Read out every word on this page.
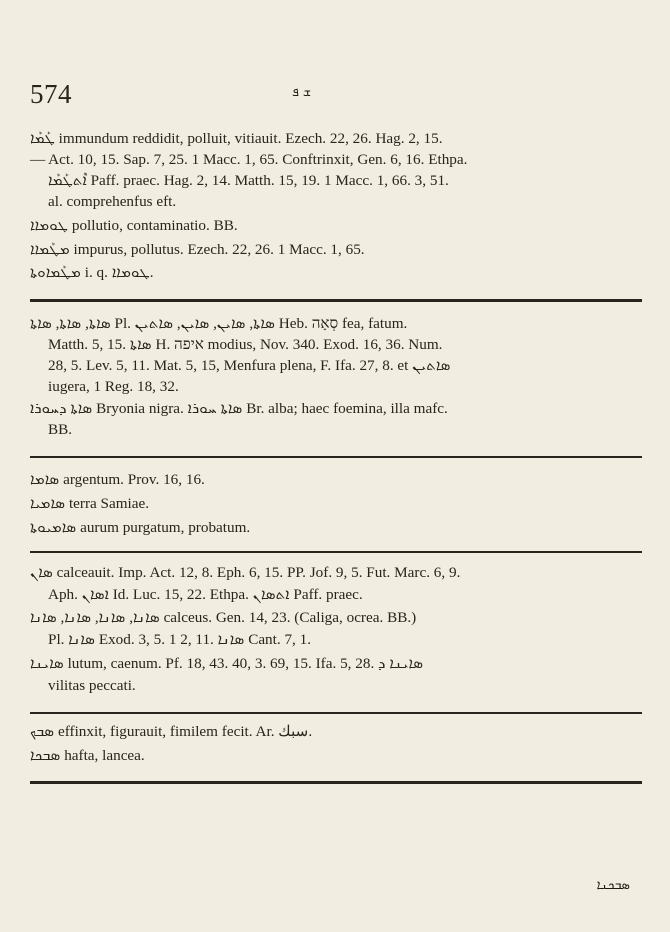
574	ܫ ܦ
ܛܰܡܰܐ immundum reddidit, polluit, vitiauit. Ezech. 22, 26. Hag. 2, 15.
— Act. 10, 15. Sap. 7, 25. 1 Macc. 1, 65. Conftrinxit, Gen. 6, 16. Ethpa.
ܐܶܬܛܰܡܰܐ Paff. praec. Hag. 2, 14. Matth. 15, 19. 1 Macc. 1, 66. 3, 51.
al. comprehenfus eft.
ܛܘܡܐܐ pollutio, contaminatio. BB.
ܡܛܰܡܐܐ impurus, pollutus. Ezech. 22, 26. 1 Macc. 1, 65.
ܡܛܰܡܐܘܬܐ i. q. ܛܘܡܐܐ.
ܣܐܬܐ, ܣܐܬܐ, ܣܐܬܐ Pl. ܣܐܬܐ, ܣܐܝܢ, ܣܐܝܢ, ܣܐܬܝܢ Heb. סְאָה fea, fatum.
Matth. 5, 15. ܣܐܬܐ H. איפה modius, Nov. 340. Exod. 16, 36. Num.
28, 5. Lev. 5, 11. Mat. 5, 15, Menfura plena, F. Ifa. 27, 8. et ܣܐܬܝܢ
iugera, 1 Reg. 18, 32.
ܣܐܬܐ ܕܚܘܪܐ Bryonia nigra. ܣܐܬܐ ܚܘܪܐ Br. alba; haec foemina, illa mafc.
BB.
ܣܐܡܐ argentum. Prov. 16, 16.
ܣܐܡܝܐ terra Samiae.
ܣܐܡܝܘܬܐ aurum purgatum, probatum.
ܣܐܢ calceauit. Imp. Act. 12, 8. Eph. 6, 15. PP. Jof. 9, 5. Fut. Marc. 6, 9.
Aph. ܐܣܐܢ Id. Luc. 15, 22. Ethpa. ܐܬܣܐܢ Paff. praec.
ܣܐܢܐ, ܣܐܢܐ, ܣܐܢܐ, ܣܐܢܐ calceus. Gen. 14, 23. (Caliga, ocrea. BB.)
Pl. ܣܐܢܐ Exod. 3, 5. 1 2, 11. ܣܐܢܐ Cant. 7, 1.
ܣܐܝܢܐ lutum, caenum. Pf. 18, 43. 40, 3. 69, 15. Ifa. 5, 28. ܣܐܝܢܐ ܕ
vilitas peccati.
ܣܒܟ effinxit, figurauit, fimilem fecit. Ar. سبك.
ܣܒܟܐ hafta, lancea.
ܣܒܟܢܐ
